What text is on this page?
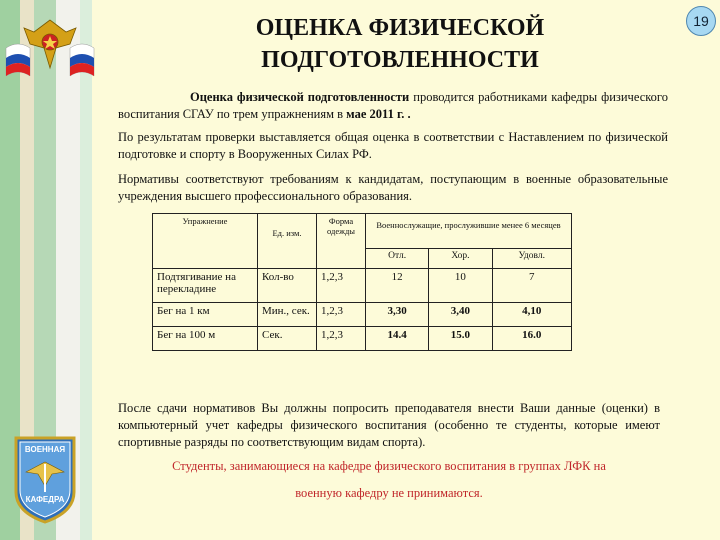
19
ОЦЕНКА ФИЗИЧЕСКОЙ
ПОДГОТОВЛЕННОСТИ
Оценка физической подготовленности проводится работниками кафедры физического воспитания СГАУ по трем упражнениям в мае 2011 г. .
По результатам проверки выставляется общая оценка в соответствии с Наставлением по физической подготовке и спорту в Вооруженных Силах РФ.
Нормативы соответствуют требованиям к кандидатам, поступающим в военные образовательные учреждения высшего профессионального образования.
Упражнение	Ед. изм.	Форма одежды	Военнослужащие, прослужившие менее 6 месяцев		
			Отл.	Хор.	Удовл.
Подтягивание на перекладине	Кол-во	1,2,3	12	10	7
Бег на 1 км	Мин., сек.	1,2,3	3,30	3,40	4,10
Бег на 100 м	Сек.	1,2,3	14.4	15.0	16.0
После сдачи нормативов Вы должны попросить преподавателя внести Ваши данные (оценки) в компьютерный учет кафедры физического воспитания (особенно те студенты, которые имеют спортивные разряды по соответствующим видам спорта).
Студенты, занимающиеся на кафедре физического воспитания в группах ЛФК на
военную кафедру не принимаются.
ВОЕННАЯ
КАФЕДРА
